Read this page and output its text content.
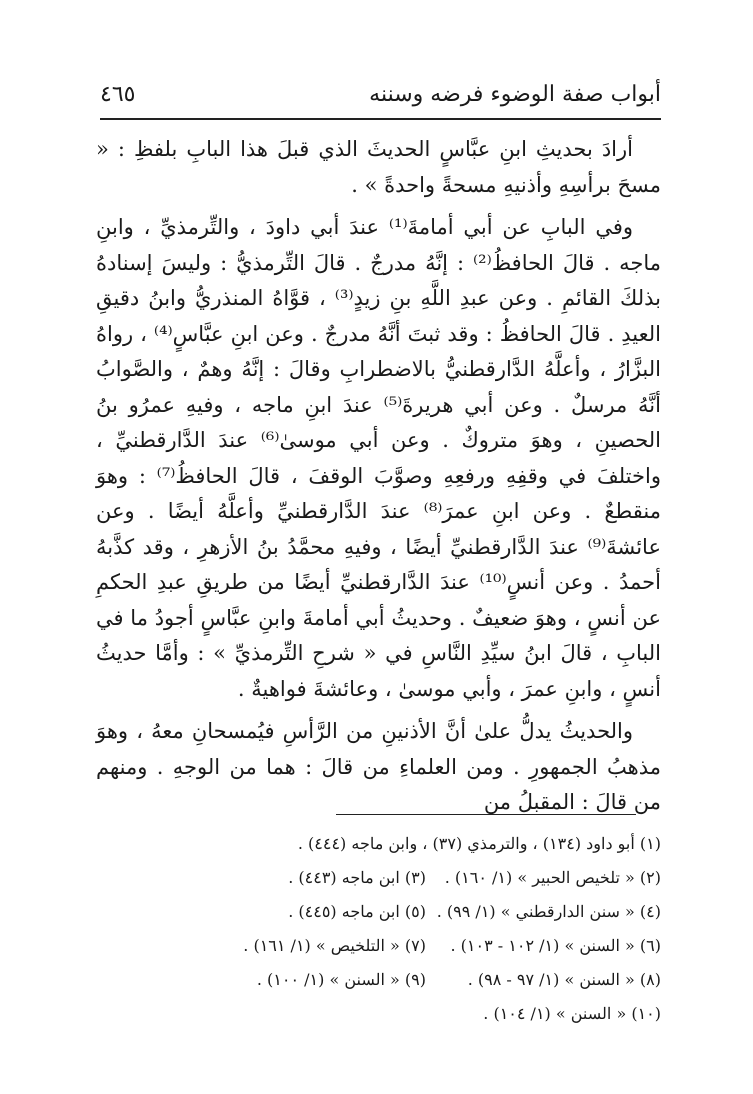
أبواب صفة الوضوء فرضه وسننه
٤٦٥

أرادَ بحديثِ ابنِ عبَّاسٍ الحديثَ الذي قبلَ هذا البابِ بلفظِ : « مسحَ برأسِهِ وأذنيهِ مسحةً واحدةً » .

وفي البابِ عن أبي أمامةَ⁽¹⁾ عندَ أبي داودَ ، والتِّرمذيِّ ، وابنِ ماجه . قالَ الحافظُ⁽²⁾ : إنَّهُ مدرجٌ . قالَ التِّرمذيُّ : وليسَ إسنادهُ بذلكَ القائمِ . وعن عبدِ اللَّهِ بنِ زيدٍ⁽³⁾ ، قوَّاهُ المنذريُّ وابنُ دقيقِ العيدِ . قالَ الحافظُ : وقد ثبتَ أنَّهُ مدرجٌ . وعن ابنِ عبَّاسٍ⁽⁴⁾ ، رواهُ البزَّارُ ، وأعلَّهُ الدَّارقطنيُّ بالاضطرابِ وقالَ : إنَّهُ وهمٌ ، والصَّوابُ أنَّهُ مرسلٌ . وعن أبي هريرةَ⁽⁵⁾ عندَ ابنِ ماجه ، وفيهِ عمرُو بنُ الحصينِ ، وهوَ متروكٌ . وعن أبي موسىٰ⁽⁶⁾ عندَ الدَّارقطنيِّ ، واختلفَ في وقفِهِ ورفعِهِ وصوَّبَ الوقفَ ، قالَ الحافظُ⁽⁷⁾ : وهوَ منقطعٌ . وعن ابنِ عمرَ⁽⁸⁾ عندَ الدَّارقطنيِّ وأعلَّهُ أيضًا . وعن عائشةَ⁽⁹⁾ عندَ الدَّارقطنيِّ أيضًا ، وفيهِ محمَّدُ بنُ الأزهرِ ، وقد كذَّبهُ أحمدُ . وعن أنسٍ⁽¹⁰⁾ عندَ الدَّارقطنيِّ أيضًا من طريقِ عبدِ الحكمِ عن أنسٍ ، وهوَ ضعيفٌ . وحديثُ أبي أمامةَ وابنِ عبَّاسٍ أجودُ ما في البابِ ، قالَ ابنُ سيِّدِ النَّاسِ في « شرحِ التِّرمذيِّ » : وأمَّا حديثُ أنسٍ ، وابنِ عمرَ ، وأبي موسىٰ ، وعائشةَ فواهيةٌ .

والحديثُ يدلُّ علىٰ أنَّ الأذنينِ من الرَّأسِ فيُمسحانِ معهُ ، وهوَ مذهبُ الجمهورِ . ومن العلماءِ من قالَ : هما من الوجهِ . ومنهم من قالَ : المقبلُ من

(١) أبو داود (١٣٤) ، والترمذي (٣٧) ، وابن ماجه (٤٤٤) .
(٢) « تلخيص الحبير » (١/ ١٦٠) .
(٣) ابن ماجه (٤٤٣) .
(٤) « سنن الدارقطني » (١/ ٩٩) .
(٥) ابن ماجه (٤٤٥) .
(٦) « السنن » (١/ ١٠٢ - ١٠٣) .
(٧) « التلخيص » (١/ ١٦١) .
(٨) « السنن » (١/ ٩٧ - ٩٨) .
(٩) « السنن » (١/ ١٠٠) .
(١٠) « السنن » (١/ ١٠٤) .
